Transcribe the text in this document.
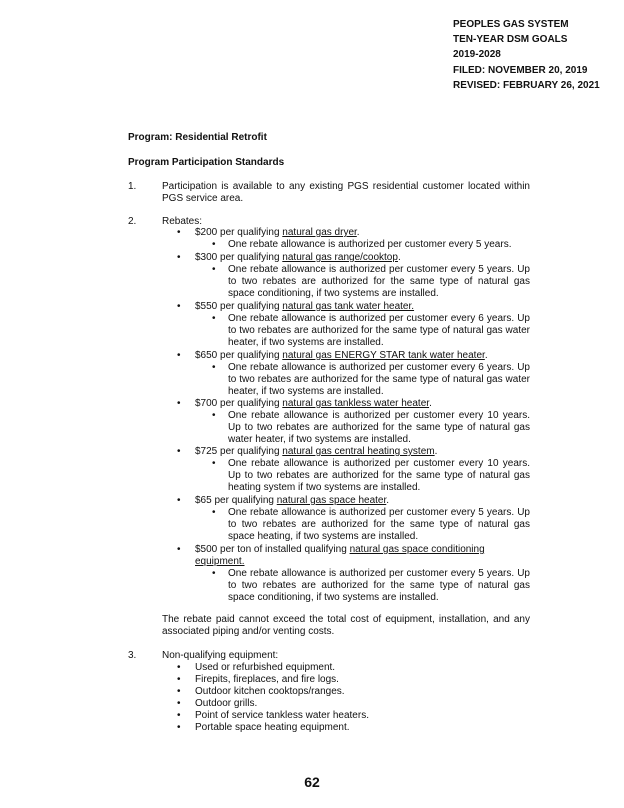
PEOPLES GAS SYSTEM
TEN-YEAR DSM GOALS
2019-2028
FILED: NOVEMBER 20, 2019
REVISED: FEBRUARY 26, 2021
Program: Residential Retrofit
Program Participation Standards
1.	Participation is available to any existing PGS residential customer located within PGS service area.
2.	Rebates:
• $200 per qualifying natural gas dryer.
• One rebate allowance is authorized per customer every 5 years.
• $300 per qualifying natural gas range/cooktop.
• One rebate allowance is authorized per customer every 5 years. Up to two rebates are authorized for the same type of natural gas space conditioning, if two systems are installed.
• $550 per qualifying natural gas tank water heater.
• One rebate allowance is authorized per customer every 6 years. Up to two rebates are authorized for the same type of natural gas water heater, if two systems are installed.
• $650 per qualifying natural gas ENERGY STAR tank water heater.
• One rebate allowance is authorized per customer every 6 years. Up to two rebates are authorized for the same type of natural gas water heater, if two systems are installed.
• $700 per qualifying natural gas tankless water heater.
• One rebate allowance is authorized per customer every 10 years. Up to two rebates are authorized for the same type of natural gas water heater, if two systems are installed.
• $725 per qualifying natural gas central heating system.
• One rebate allowance is authorized per customer every 10 years. Up to two rebates are authorized for the same type of natural gas heating system if two systems are installed.
• $65 per qualifying natural gas space heater.
• One rebate allowance is authorized per customer every 5 years. Up to two rebates are authorized for the same type of natural gas space heating, if two systems are installed.
• $500 per ton of installed qualifying natural gas space conditioning equipment.
• One rebate allowance is authorized per customer every 5 years. Up to two rebates are authorized for the same type of natural gas space conditioning, if two systems are installed.
The rebate paid cannot exceed the total cost of equipment, installation, and any associated piping and/or venting costs.
3.	Non-qualifying equipment:
• Used or refurbished equipment.
• Firepits, fireplaces, and fire logs.
• Outdoor kitchen cooktops/ranges.
• Outdoor grills.
• Point of service tankless water heaters.
• Portable space heating equipment.
62
